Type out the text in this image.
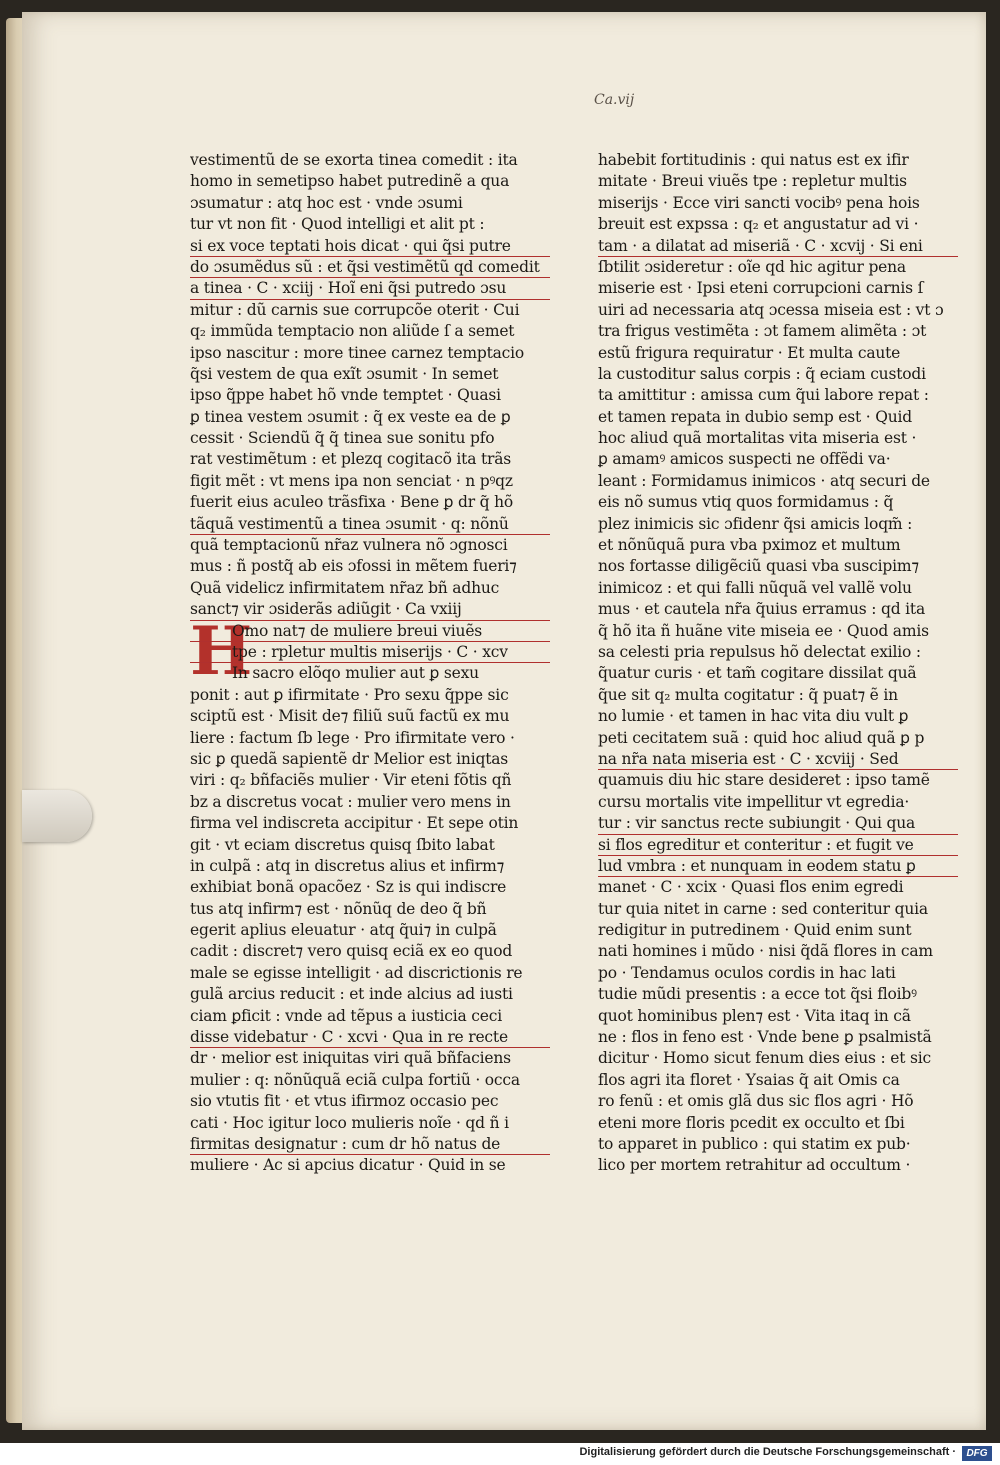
Ca.vij
H
vestimentũ de se exorta tinea comedit : ita
homo in semetipso habet putredinẽ a qua
ɔsumatur : atq hoc est · vnde ɔsumi
tur vt non fit · Quod intelligi et alit pt :
si ex voce teptati hois dicat · qui q̃si putre
do ɔsumẽdus sũ : et q̃si vestimẽtũ qd comedit
a tinea · C · xciij · Hoĩ eni q̃si putredo ɔsu
mitur : dũ carnis sue corrupcõe oterit · Cui
q₂ immũda temptacio non aliũde ſ a semet
ipso nascitur : more tinee carnez temptacio
q̃si vestem de qua exĩt ɔsumit · In semet
ipso q̃ppe habet hõ vnde temptet · Quasi
ꝑ tinea vestem ɔsumit : q̃ ex veste ea de ꝑ
cessit · Sciendũ q̃ q̃ tinea sue sonitu pfo
rat vestimẽtum : et plezq cogitacõ ita trãs
figit mẽt : vt mens ipa non senciat · n pꝰqz
fuerit eius aculeo trãsfixa · Bene ꝑ dr q̃ hõ
tãquã vestimentũ a tinea ɔsumit · q: nõnũ
quã temptacionũ nr̃az vulnera nõ ɔgnosci
mus : ñ postq̃ ab eis ɔfossi in mẽtem fueri⁊
Quã videlicz infirmitatem nr̃az bñ adhuc
sanct⁊ vir ɔsiderãs adiũgit · Ca vxiij
Omo nat⁊ de muliere breui viuẽs
tpe : rpletur multis miserijs · C · xcv
In sacro elõqo mulier aut ꝑ sexu
ponit : aut ꝑ ifirmitate · Pro sexu q̃ppe sic
sciptũ est · Misit de⁊ filiũ suũ factũ ex mu
liere : factum ſb lege · Pro ifirmitate vero ·
sic ꝑ quedã sapientẽ dr Melior est iniqtas
viri : q₂ bñfaciẽs mulier · Vir eteni fõtis qñ
bz a discretus vocat : mulier vero mens in
firma vel indiscreta accipitur · Et sepe otin
git · vt eciam discretus quisq ſbito labat
in culpã : atq in discretus alius et infirm⁊
exhibiat bonã opacõez · Sz is qui indiscre
tus atq infirm⁊ est · nõnũq de deo q̃ bñ
egerit aplius eleuatur · atq q̃ui⁊ in culpã
cadit : discret⁊ vero quisq eciã ex eo quod
male se egisse intelligit · ad discrictionis re
gulã arcius reducit : et inde alcius ad iusti
ciam ꝑficit : vnde ad tẽpus a iusticia ceci
disse videbatur · C · xcvi · Qua in re recte
dr · melior est iniquitas viri quã bñfaciens
mulier : q: nõnũquã eciã culpa fortiũ · occa
sio vtutis fit · et vtus ifirmoz occasio pec
cati · Hoc igitur loco mulieris noĩe · qd ñ i
firmitas designatur : cum dr hõ natus de
muliere · Ac si apcius dicatur · Quid in se
habebit fortitudinis : qui natus est ex ifir
mitate · Breui viuẽs tpe : repletur multis
miserijs · Ecce viri sancti vocibꝰ pena hois
breuit est expssa : q₂ et angustatur ad vi ·
tam · a dilatat ad miseriã · C · xcvij · Si eni
ſbtilit ɔsideretur : oĩe qd hic agitur pena
miserie est · Ipsi eteni corrupcioni carnis ſ
uiri ad necessaria atq ɔcessa miseia est : vt ɔ
tra frigus vestimẽta : ɔt famem alimẽta : ɔt
estũ frigura requiratur · Et multa caute
la custoditur salus corpis : q̃ eciam custodi
ta amittitur : amissa cum q̃ui labore repat :
et tamen repata in dubio semp est · Quid
hoc aliud quã mortalitas vita miseria est ·
ꝑ amamꝰ amicos suspecti ne offẽdi va·
leant : Formidamus inimicos · atq securi de
eis nõ sumus vtiq quos formidamus : q̃
plez inimicis sic ɔfidenr q̃si amicis loqm̃ :
et nõnũquã pura vba pximoz et multum
nos fortasse diligẽciũ quasi vba suscipim⁊
inimicoz : et qui falli nũquã vel vallẽ volu
mus · et cautela nr̃a q̃uius erramus : qd ita
q̃ hõ ita ñ huãne vite miseia ee · Quod amis
sa celesti pria repulsus hõ delectat exilio :
q̃uatur curis · et tam̃ cogitare dissilat quã
q̃ue sit q₂ multa cogitatur : q̃ puat⁊ ẽ in
no lumie · et tamen in hac vita diu vult ꝑ
peti cecitatem suã : quid hoc aliud quã ꝑ p
na nr̃a nata miseria est · C · xcviij · Sed
quamuis diu hic stare desideret : ipso tamẽ
cursu mortalis vite impellitur vt egredia·
tur : vir sanctus recte subiungit · Qui qua
si flos egreditur et conteritur : et fugit ve
lud vmbra : et nunquam in eodem statu ꝑ
manet · C · xcix · Quasi flos enim egredi
tur quia nitet in carne : sed conteritur quia
redigitur in putredinem · Quid enim sunt
nati homines i mũdo · nisi q̃dã flores in cam
po · Tendamus oculos cordis in hac lati
tudie mũdi presentis : a ecce tot q̃si floibꝰ
quot hominibus plen⁊ est · Vita itaq in cã
ne : flos in feno est · Vnde bene ꝑ psalmistã
dicitur · Homo sicut fenum dies eius : et sic
flos agri ita floret · Ysaias q̃ ait Omis ca
ro fenũ : et omis glã dus sic flos agri · Hõ
eteni more floris pcedit ex occulto et ſbi
to apparet in publico : qui statim ex pub·
lico per mortem retrahitur ad occultum ·
Digitalisierung gefördert durch die Deutsche Forschungsgemeinschaft ·	DFG
